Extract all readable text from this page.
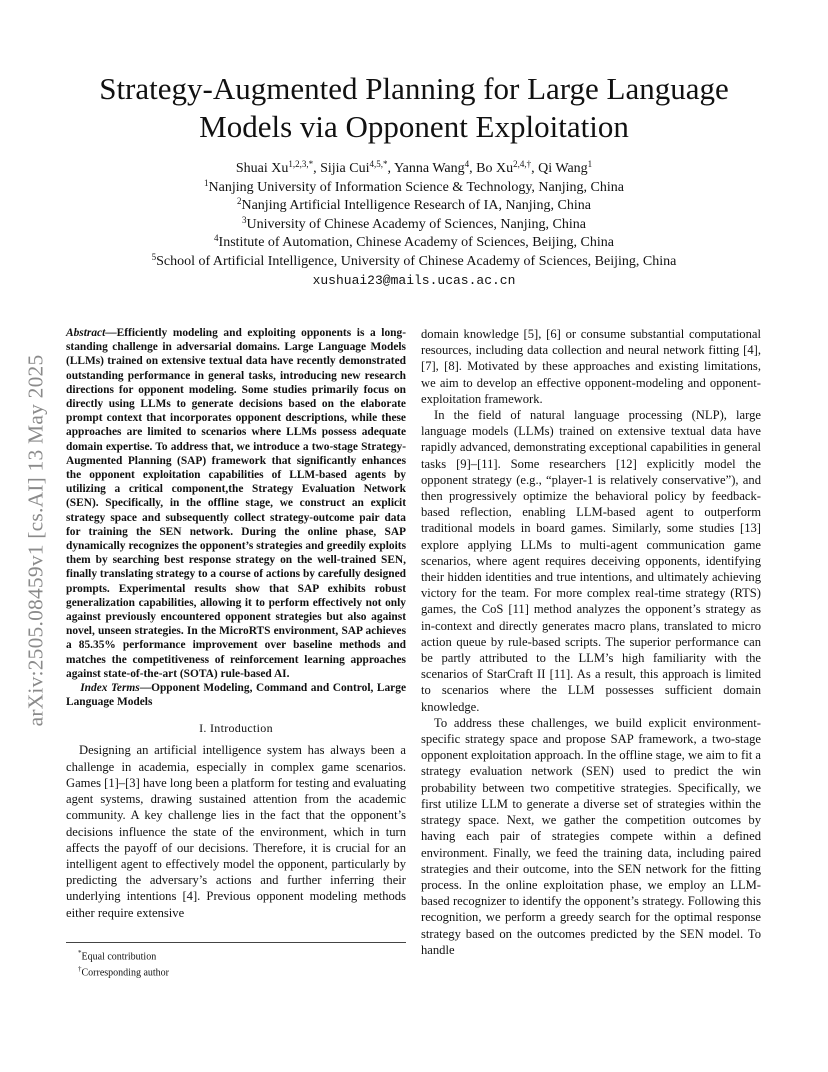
arXiv:2505.08459v1 [cs.AI] 13 May 2025
Strategy-Augmented Planning for Large Language
Models via Opponent Exploitation
Shuai $Xu^{1,2,3,*}$, Sijia Cui$^{4,5,*}$, Yanna Wang$^4$, Bo $Xu^{2,4,\dagger}$, Qi Wang$^1$
$^1$Nanjing University of Information Science & Technology, Nanjing, China
$^2$Nanjing Artificial Intelligence Research of IA, Nanjing, China
$^3$University of Chinese Academy of Sciences, Nanjing, China
$^4$Institute of Automation, Chinese Academy of Sciences, Beijing, China
$^5$School of Artificial Intelligence, University of Chinese Academy of Sciences, Beijing, China
xushuai23@mails.ucas.ac.cn

Abstract—Efficiently modeling and exploiting opponents is a long-standing challenge in adversarial domains. Large Language Models (LLMs) trained on extensive textual data have recently demonstrated outstanding performance in general tasks, introducing new research directions for opponent modeling. Some studies primarily focus on directly using LLMs to generate decisions based on the elaborate prompt context that incorporates opponent descriptions, while these approaches are limited to scenarios where LLMs possess adequate domain expertise. To address that, we introduce a two-stage Strategy-Augmented Planning (SAP) framework that significantly enhances the opponent exploitation capabilities of LLM-based agents by utilizing a critical component,the Strategy Evaluation Network (SEN). Specifically, in the offline stage, we construct an explicit strategy space and subsequently collect strategy-outcome pair data for training the SEN network. During the online phase, SAP dynamically recognizes the opponent’s strategies and greedily exploits them by searching best response strategy on the well-trained SEN, finally translating strategy to a course of actions by carefully designed prompts. Experimental results show that SAP exhibits robust generalization capabilities, allowing it to perform effectively not only against previously encountered opponent strategies but also against novel, unseen strategies. In the MicroRTS environment, SAP achieves a 85.35% performance improvement over baseline methods and matches the competitiveness of reinforcement learning approaches against state-of-the-art (SOTA) rule-based AI.

Index Terms—Opponent Modeling, Command and Control, Large Language Models

I. Introduction

Designing an artificial intelligence system has always been a challenge in academia, especially in complex game scenarios. Games [1]–[3] have long been a platform for testing and evaluating agent systems, drawing sustained attention from the academic community. A key challenge lies in the fact that the opponent’s decisions influence the state of the environment, which in turn affects the payoff of our decisions. Therefore, it is crucial for an intelligent agent to effectively model the opponent, particularly by predicting the adversary’s actions and further inferring their underlying intentions [4]. Previous opponent modeling methods either require extensive

*Equal contribution
†Corresponding author

domain knowledge [5], [6] or consume substantial computational resources, including data collection and neural network fitting [4], [7], [8]. Motivated by these approaches and existing limitations, we aim to develop an effective opponent-modeling and opponent-exploitation framework.

In the field of natural language processing (NLP), large language models (LLMs) trained on extensive textual data have rapidly advanced, demonstrating exceptional capabilities in general tasks [9]–[11]. Some researchers [12] explicitly model the opponent strategy (e.g., “player-1 is relatively conservative”), and then progressively optimize the behavioral policy by feedback-based reflection, enabling LLM-based agent to outperform traditional models in board games. Similarly, some studies [13] explore applying LLMs to multi-agent communication game scenarios, where agent requires deceiving opponents, identifying their hidden identities and true intentions, and ultimately achieving victory for the team. For more complex real-time strategy (RTS) games, the CoS [11] method analyzes the opponent’s strategy as in-context and directly generates macro plans, translated to micro action queue by rule-based scripts. The superior performance can be partly attributed to the LLM’s high familiarity with the scenarios of StarCraft II [11]. As a result, this approach is limited to scenarios where the LLM possesses sufficient domain knowledge.

To address these challenges, we build explicit environment-specific strategy space and propose SAP framework, a two-stage opponent exploitation approach. In the offline stage, we aim to fit a strategy evaluation network (SEN) used to predict the win probability between two competitive strategies. Specifically, we first utilize LLM to generate a diverse set of strategies within the strategy space. Next, we gather the competition outcomes by having each pair of strategies compete within a defined environment. Finally, we feed the training data, including paired strategies and their outcome, into the SEN network for the fitting process. In the online exploitation phase, we employ an LLM-based recognizer to identify the opponent’s strategy. Following this recognition, we perform a greedy search for the optimal response strategy based on the outcomes predicted by the SEN model. To handle
